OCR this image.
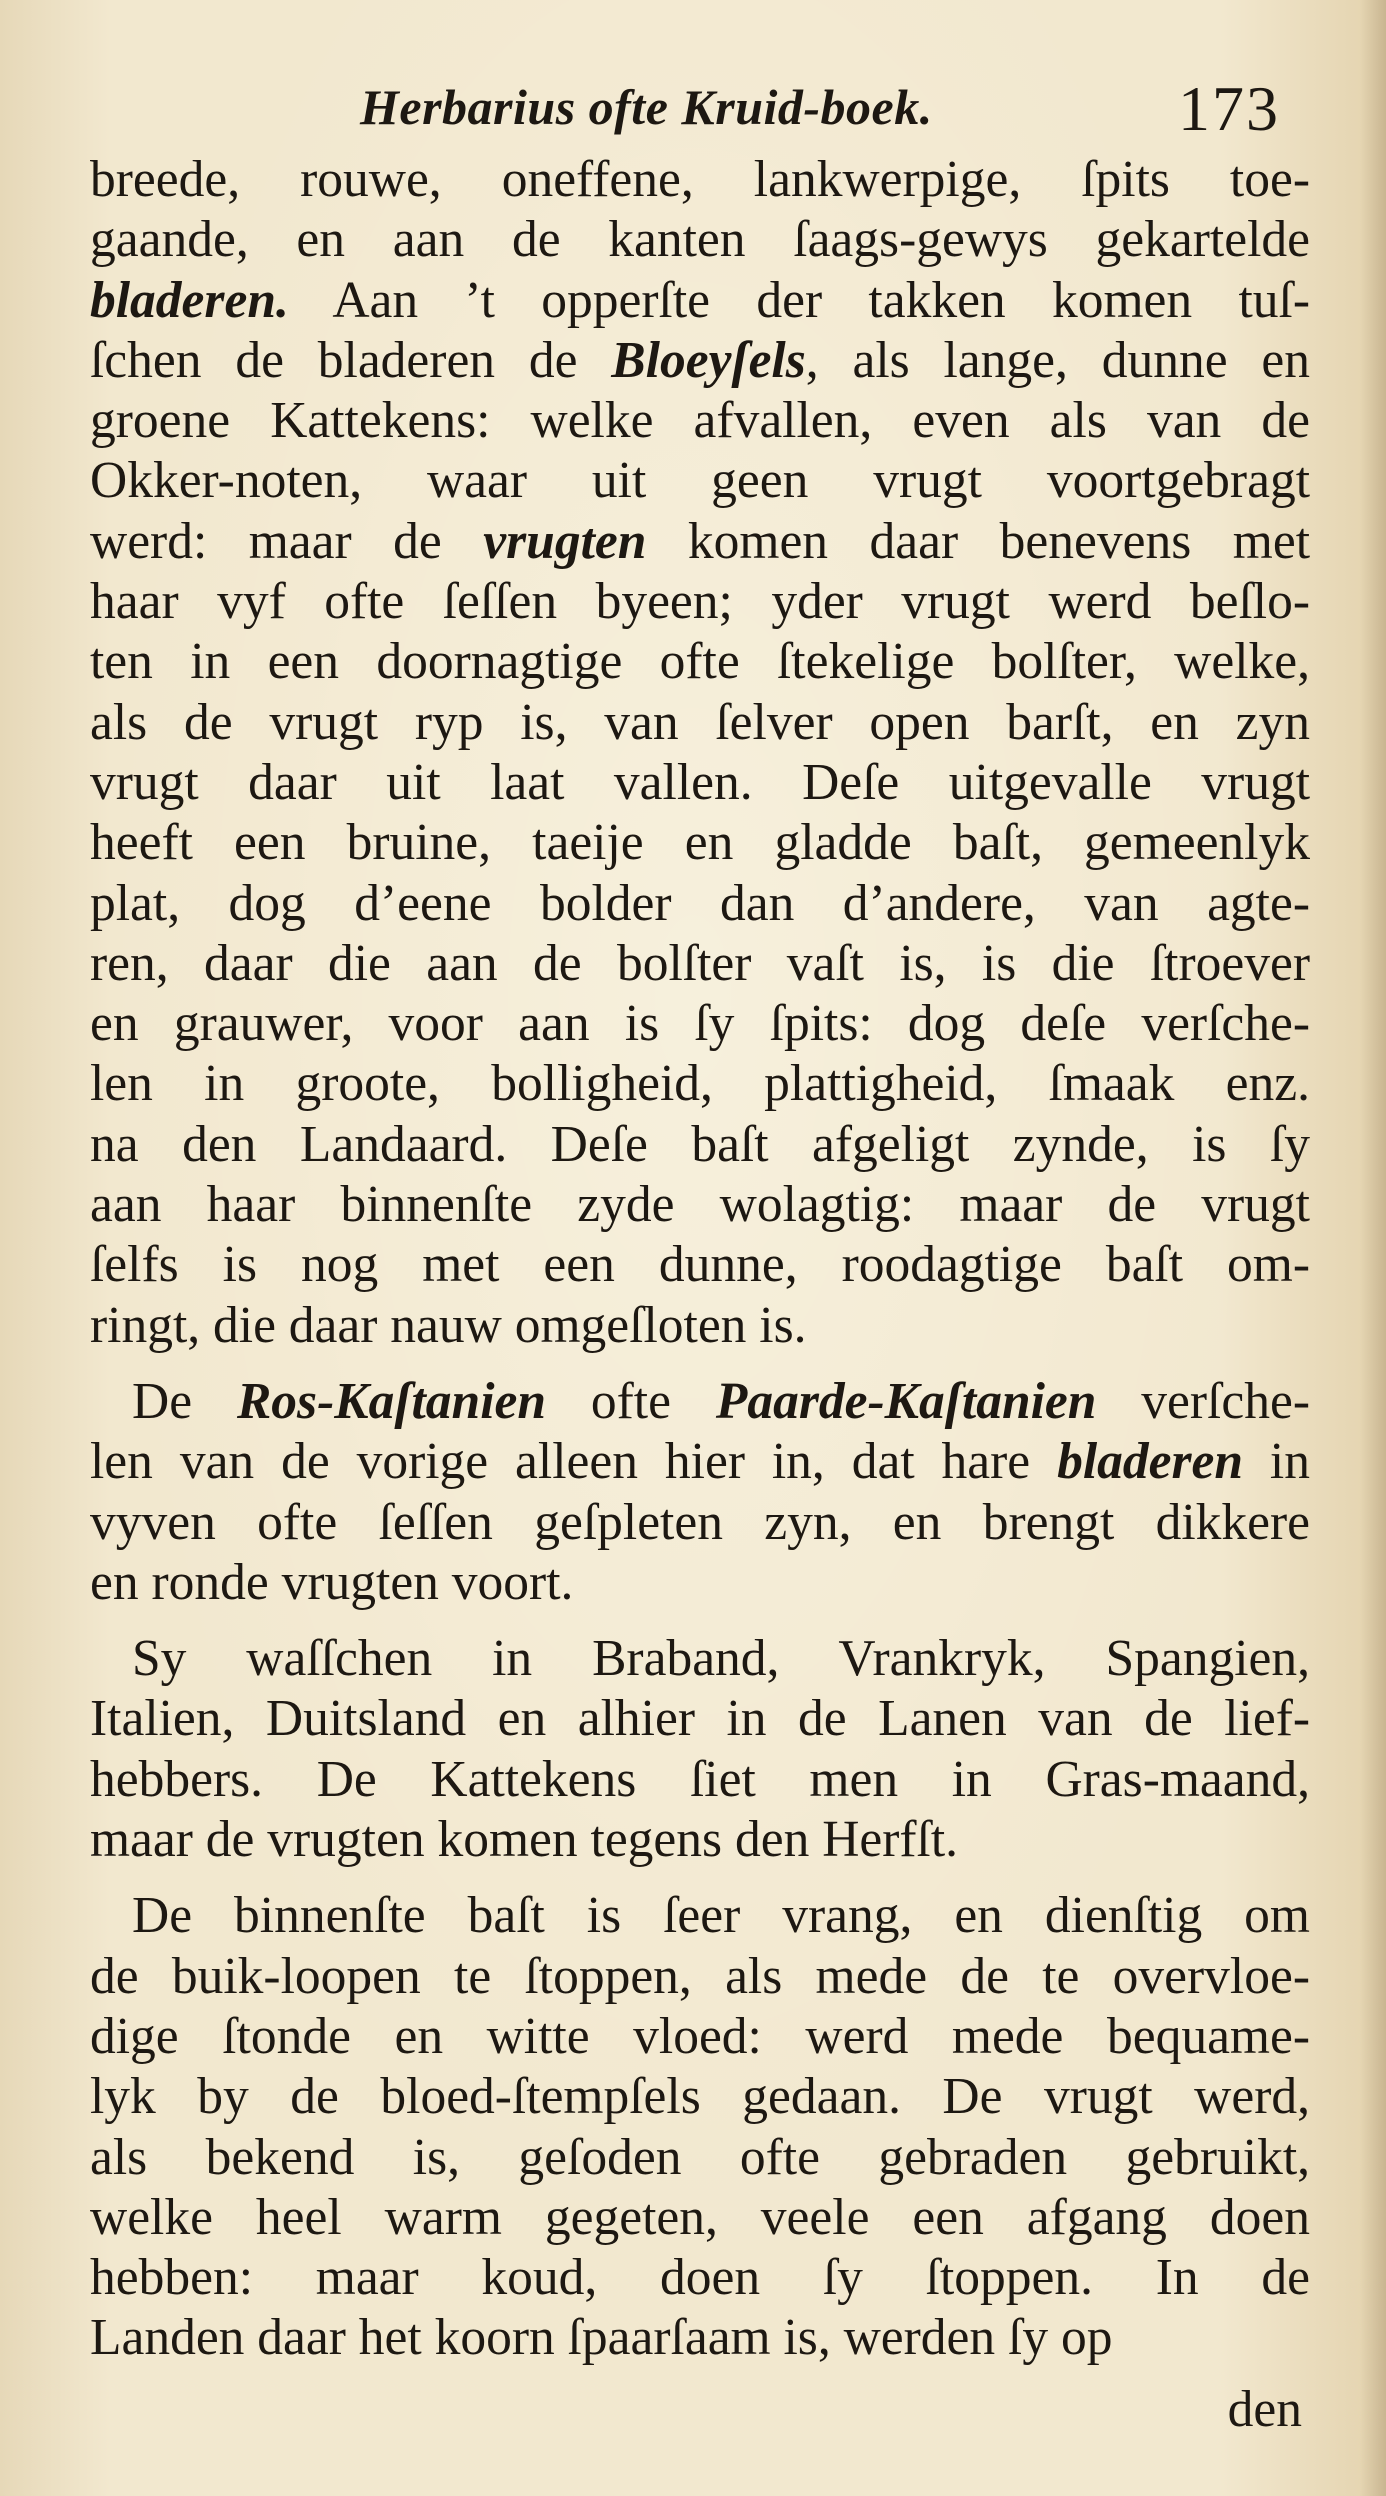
Herbarius ofte Kruid-boek.	173
breede, rouwe, oneffene, lankwerpige, ſpits toe-
gaande, en aan de kanten ſaags-gewys gekartelde
bladeren. Aan ’t opperſte der takken komen tuſ-
ſchen de bladeren de Bloeyſels, als lange, dunne en
groene Kattekens: welke afvallen, even als van de
Okker-noten, waar uit geen vrugt voortgebragt
werd: maar de vrugten komen daar benevens met
haar vyf ofte ſeſſen byeen; yder vrugt werd beſlo-
ten in een doornagtige ofte ſtekelige bolſter, welke,
als de vrugt ryp is, van ſelver open barſt, en zyn
vrugt daar uit laat vallen. Deſe uitgevalle vrugt
heeft een bruine, taeije en gladde baſt, gemeenlyk
plat, dog d’eene bolder dan d’andere, van agte-
ren, daar die aan de bolſter vaſt is, is die ſtroever
en grauwer, voor aan is ſy ſpits: dog deſe verſche-
len in groote, bolligheid, plattigheid, ſmaak enz.
na den Landaard. Deſe baſt afgeligt zynde, is ſy
aan haar binnenſte zyde wolagtig: maar de vrugt
ſelfs is nog met een dunne, roodagtige baſt om-
ringt, die daar nauw omgeſloten is.
De Ros-Kaſtanien ofte Paarde-Kaſtanien verſche-
len van de vorige alleen hier in, dat hare bladeren in
vyven ofte ſeſſen geſpleten zyn, en brengt dikkere
en ronde vrugten voort.
Sy waſſchen in Braband, Vrankryk, Spangien,
Italien, Duitsland en alhier in de Lanen van de lief-
hebbers. De Kattekens ſiet men in Gras-maand,
maar de vrugten komen tegens den Herfſt.
De binnenſte baſt is ſeer vrang, en dienſtig om
de buik-loopen te ſtoppen, als mede de te overvloe-
dige ſtonde en witte vloed: werd mede bequame-
lyk by de bloed-ſtempſels gedaan. De vrugt werd,
als bekend is, geſoden ofte gebraden gebruikt,
welke heel warm gegeten, veele een afgang doen
hebben: maar koud, doen ſy ſtoppen. In de
Landen daar het koorn ſpaarſaam is, werden ſy op
den
